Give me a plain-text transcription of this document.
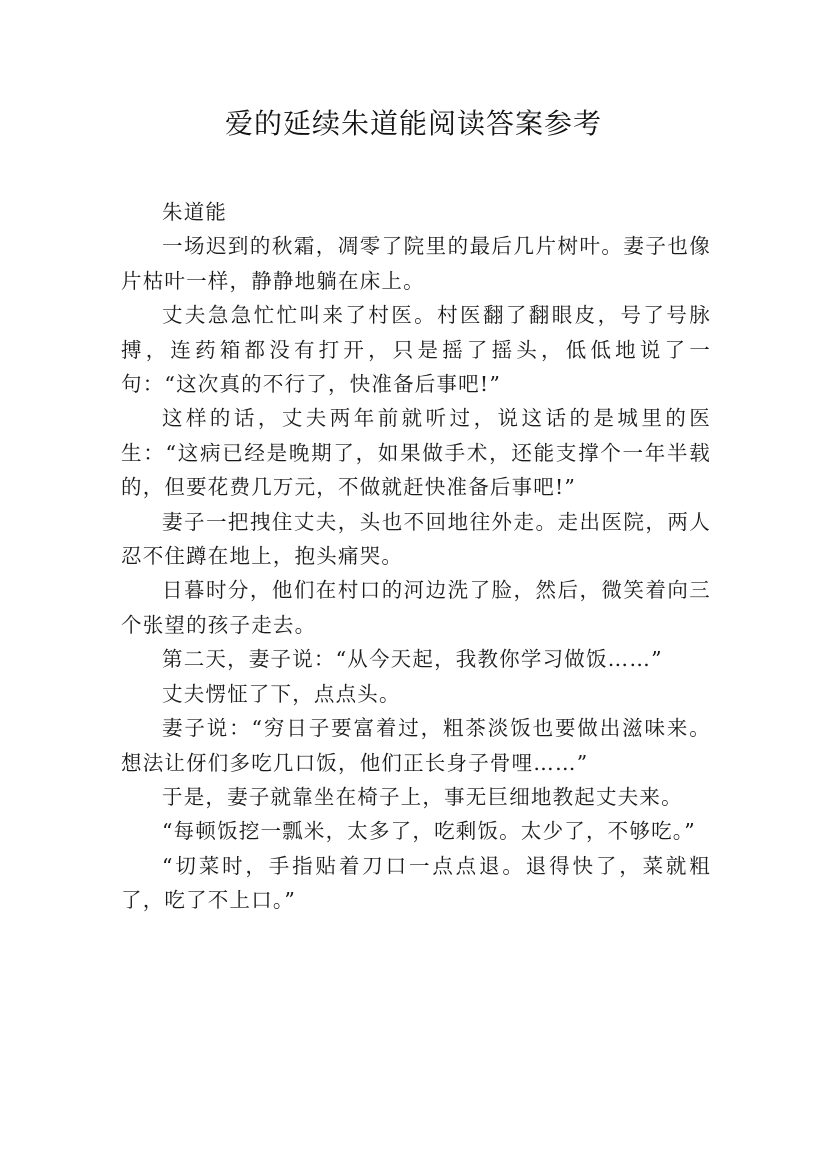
爱的延续朱道能阅读答案参考

朱道能

一场迟到的秋霜，凋零了院里的最后几片树叶。妻子也像片枯叶一样，静静地躺在床上。

丈夫急急忙忙叫来了村医。村医翻了翻眼皮，号了号脉搏，连药箱都没有打开，只是摇了摇头，低低地说了一句：“这次真的不行了，快准备后事吧!”

这样的话，丈夫两年前就听过，说这话的是城里的医生：“这病已经是晚期了，如果做手术，还能支撑个一年半载的，但要花费几万元，不做就赶快准备后事吧!”

妻子一把拽住丈夫，头也不回地往外走。走出医院，两人忍不住蹲在地上，抱头痛哭。

日暮时分，他们在村口的河边洗了脸，然后，微笑着向三个张望的孩子走去。

第二天，妻子说：“从今天起，我教你学习做饭……”

丈夫愣怔了下，点点头。

妻子说：“穷日子要富着过，粗茶淡饭也要做出滋味来。想法让伢们多吃几口饭，他们正长身子骨哩……”

于是，妻子就靠坐在椅子上，事无巨细地教起丈夫来。

“每顿饭挖一瓢米，太多了，吃剩饭。太少了，不够吃。”

“切菜时，手指贴着刀口一点点退。退得快了，菜就粗了，吃了不上口。”
